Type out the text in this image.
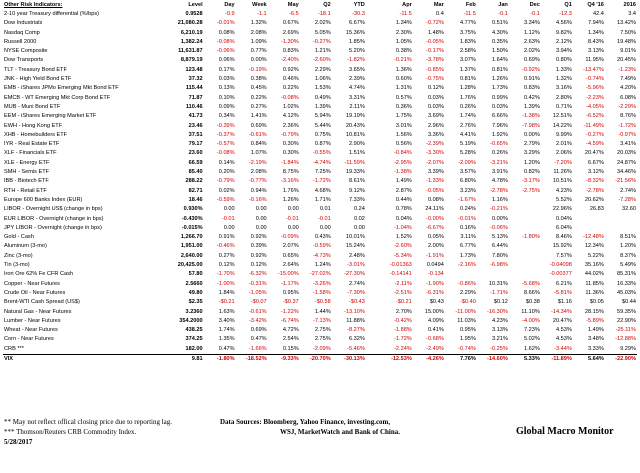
Other Risk Indicators:	Level	Day	Week	May	Q2	YTD		Apr	Mar	Feb	Jan	Dec	Q1	Q4 '16	2016
2-10 year Treasury differential (%/bps)	0.9528	-0.9	-1.1	-6.5	-18.1	-30.3		-11.5	0.4	-11.5	-0.1	-0.1	-12.3	42.4	3.4
Dow Industrials	21,080.28	-0.01%	1.32%	0.67%	2.02%	6.67%		1.34%	-0.72%	4.77%	0.51%	3.34%	4.56%	7.94%	13.42%
Nasdaq Comp	6,210.19	0.08%	2.08%	2.69%	5.05%	15.36%		2.30%	1.48%	3.75%	4.30%	1.12%	9.82%	1.34%	7.50%
Russell 2000	1,382.24	-0.08%	1.09%	-1.30%	-0.27%	1.85%		1.05%	-0.05%	1.83%	0.35%	2.63%	2.12%	8.43%	19.48%
NYSE Composite	11,631.87	-0.06%	0.77%	0.83%	1.21%	5.20%		0.38%	-0.17%	2.58%	1.50%	2.02%	3.94%	3.13%	9.01%
Dow Transports	8,879.19	0.06%	0.00%	-2.40%	-2.60%	-1.82%		-0.21%	-3.78%	3.07%	1.64%	0.69%	0.80%	11.95%	20.45%
TLT - Treasury Bond ETF	123.48	0.17%	-0.19%	0.92%	2.29%	3.65%		1.36%	-0.85%	1.37%	0.81%	-0.92%	1.33%	-13.47%	-1.23%
JNK - High Yield Bond ETF	37.32	0.03%	0.38%	0.46%	1.06%	2.39%		0.60%	-0.75%	0.81%	1.26%	0.91%	1.32%	-0.74%	7.49%
EMB - iShares JPMo Emerging Mkt Bond ETF	115.44	0.13%	0.45%	0.22%	1.53%	4.74%		1.31%	0.12%	1.28%	1.73%	0.83%	3.16%	-5.96%	4.20%
EMCB - WT Emerging Mkt Corp Bond ETF	71.87	0.10%	0.22%	-0.08%	0.49%	3.31%		0.57%	0.03%	1.76%	0.99%	0.42%	2.80%	-2.23%	6.08%
MUB - Muni Bond ETF	110.46	0.09%	0.27%	1.02%	1.39%	2.11%		0.36%	0.03%	0.26%	0.03%	1.39%	0.71%	-4.05%	-2.29%
EEM - iShares Emerging Market ETF	41.73	0.34%	1.41%	4.12%	5.94%	19.19%		1.75%	3.69%	1.74%	6.66%	-1.38%	12.51%	-6.52%	8.76%
EWH - Hong Kong ETF	23.46	-0.39%	0.69%	2.36%	5.44%	20.43%		3.01%	2.96%	2.76%	7.96%	-7.98%	14.22%	-11.49%	-1.72%
XHB - Homebuilders ETF	37.51	-0.37%	-0.61%	-0.79%	0.75%	10.81%		1.56%	3.36%	4.41%	1.92%	0.00%	9.99%	-0.27%	-0.97%
IYR - Real Estate ETF	79.17	-0.57%	0.84%	0.30%	0.87%	2.90%		0.56%	-2.39%	5.19%	-0.65%	2.79%	2.01%	-4.59%	3.41%
XLF - Financials ETF	23.60	-0.08%	1.07%	0.30%	-0.55%	1.51%		-0.84%	-3.30%	5.28%	0.26%	3.29%	2.06%	20.47%	20.03%
XLE - Energy ETF	66.59	0.14%	-2.19%	-1.84%	-4.74%	-11.59%		-2.95%	-2.07%	-2.09%	-3.21%	1.20%	-7.20%	6.67%	24.87%
SMH - Semis ETF	85.40	0.20%	2.08%	8.75%	7.25%	19.33%		-1.38%	3.39%	3.57%	3.91%	0.82%	11.26%	3.12%	34.46%
IBB - Biotech ETF	288.22	-0.79%	-0.77%	-3.16%	-1.72%	8.61%		1.49%	-1.33%	6.80%	4.78%	-3.17%	10.51%	-8.32%	-21.56%
RTH - Retail ETF	82.71	0.02%	0.94%	1.76%	4.68%	9.12%		2.87%	-0.05%	3.23%	-2.78%	-2.75%	4.23%	-2.78%	2.74%
Europe 600 Banks Index (EUR)	18.46	-0.59%	-0.16%	1.26%	1.71%	7.33%		0.44%	0.08%	-1.67%	1.16%		5.52%	20.62%	-7.28%
LIBOR - Overnight US$ (change in bps)	0.930%	0.00	0.00	0.00	0.01	0.24		0.78%	24.11%	0.24%	-0.21%		22.96%	26.83	32.60
EUR LIBOR - Overnight (change in bps)	-0.430%	-0.01	0.00	-0.01	-0.01	0.02		0.04%	-0.00%	-0.01%	0.00%		0.04%		
JPY LIBOR - Overnight (change in bps)	-0.015%	0.00	0.00	0.00	0.00	0.00		-1.04%	-6.67%	0.16%	-0.06%		6.04%		
Gold - Cash	1,266.70	0.91%	0.92%	-0.09%	0.43%	10.01%		1.52%	0.05%	3.11%	5.13%	-1.80%	8.46%	-12.48%	8.51%
Aluminum (3-mo)	1,951.00	-0.46%	0.39%	2.07%	-0.59%	15.24%		-2.60%	2.00%	6.77%	6.44%		15.92%	12.34%	1.20%
Zinc (3-mo)	2,640.00	0.27%	0.92%	0.65%	-4.73%	2.48%		-5.34%	-1.91%	1.73%	7.80%		7.57%	5.22%	8.37%
Tin (3-mo)	20,425.00	0.12%	0.12%	2.64%	1.24%	-3.01%		-0.01363	0.0494	-2.16%	-6.98%		-0.04098	35.16%	5.49%
Iron Ore 62% Fe CFR Cash	57.80	-1.70%	-6.32%	-15.00%	-27.02%	-27.30%		-0.14141	-0.134				-0.00377	44.02%	85.31%
Copper - Near Futures	2.5660	-1.00%	-0.31%	-1.17%	-3.26%	2.74%		-2.11%	-1.90%	-0.86%	10.31%	-5.68%	6.21%	11.85%	16.33%
Crude Oil - Near Futures	49.80	1.84%	-1.05%	0.95%	-1.58%	-7.30%		-2.51%	-6.31%	2.29%	-1.71%	8.66%	-5.81%	11.36%	45.03%
Brent-WTI Cash Spread (US$)	$2.35	-$0.21	-$0.07	-$0.37	-$0.58	-$0.43		-$0.21	$0.43	-$0.40	$0.12	$0.38	$1.16	$0.05	$0.44
Natural Gas - Near Futures	3.2360	1.63%	-0.61%	-1.22%	1.44%	-13.10%		2.70%	15.00%	-11.00%	-16.30%	11.10%	-14.34%	28.15%	59.35%
Lumber - Near Futures	354.2000	3.40%	-3.42%	-6.74%	-7.13%	11.88%		-0.42%	4.09%	11.03%	4.23%	-4.00%	20.47%	-5.89%	22.90%
Wheat - Near Futures	438.25	1.74%	0.69%	4.72%	2.75%	-8.27%		-1.88%	0.41%	0.95%	3.13%	7.23%	4.53%	1.49%	-25.11%
Corn - Near Futures	374.25	1.35%	0.47%	2.54%	2.75%	6.32%		-1.72%	-0.68%	1.95%	3.21%	5.02%	4.53%	3.48%	-12.88%
CRB ***	182.00	0.47%	-1.66%	0.15%	-2.09%	-5.46%		-2.24%	-2.49%	-0.74%	-0.25%	1.62%	-3.44%	3.33%	9.29%
VIX	9.81	-1.80%	-18.52%	-9.33%	-20.70%	-30.13%		-12.53%	-4.26%	7.76%	-14.60%	5.33%	-11.89%	5.64%	-22.90%
** May not reflect offical closing price due to reporting lag.	Data Sources: Bloomberg, Yahoo Finance, investing.com,
*** Thomson/Reuters CRB Commodity Index.	WSJ, MarketWatch and Bank of China.	Global Macro Monitor
5/28/2017
